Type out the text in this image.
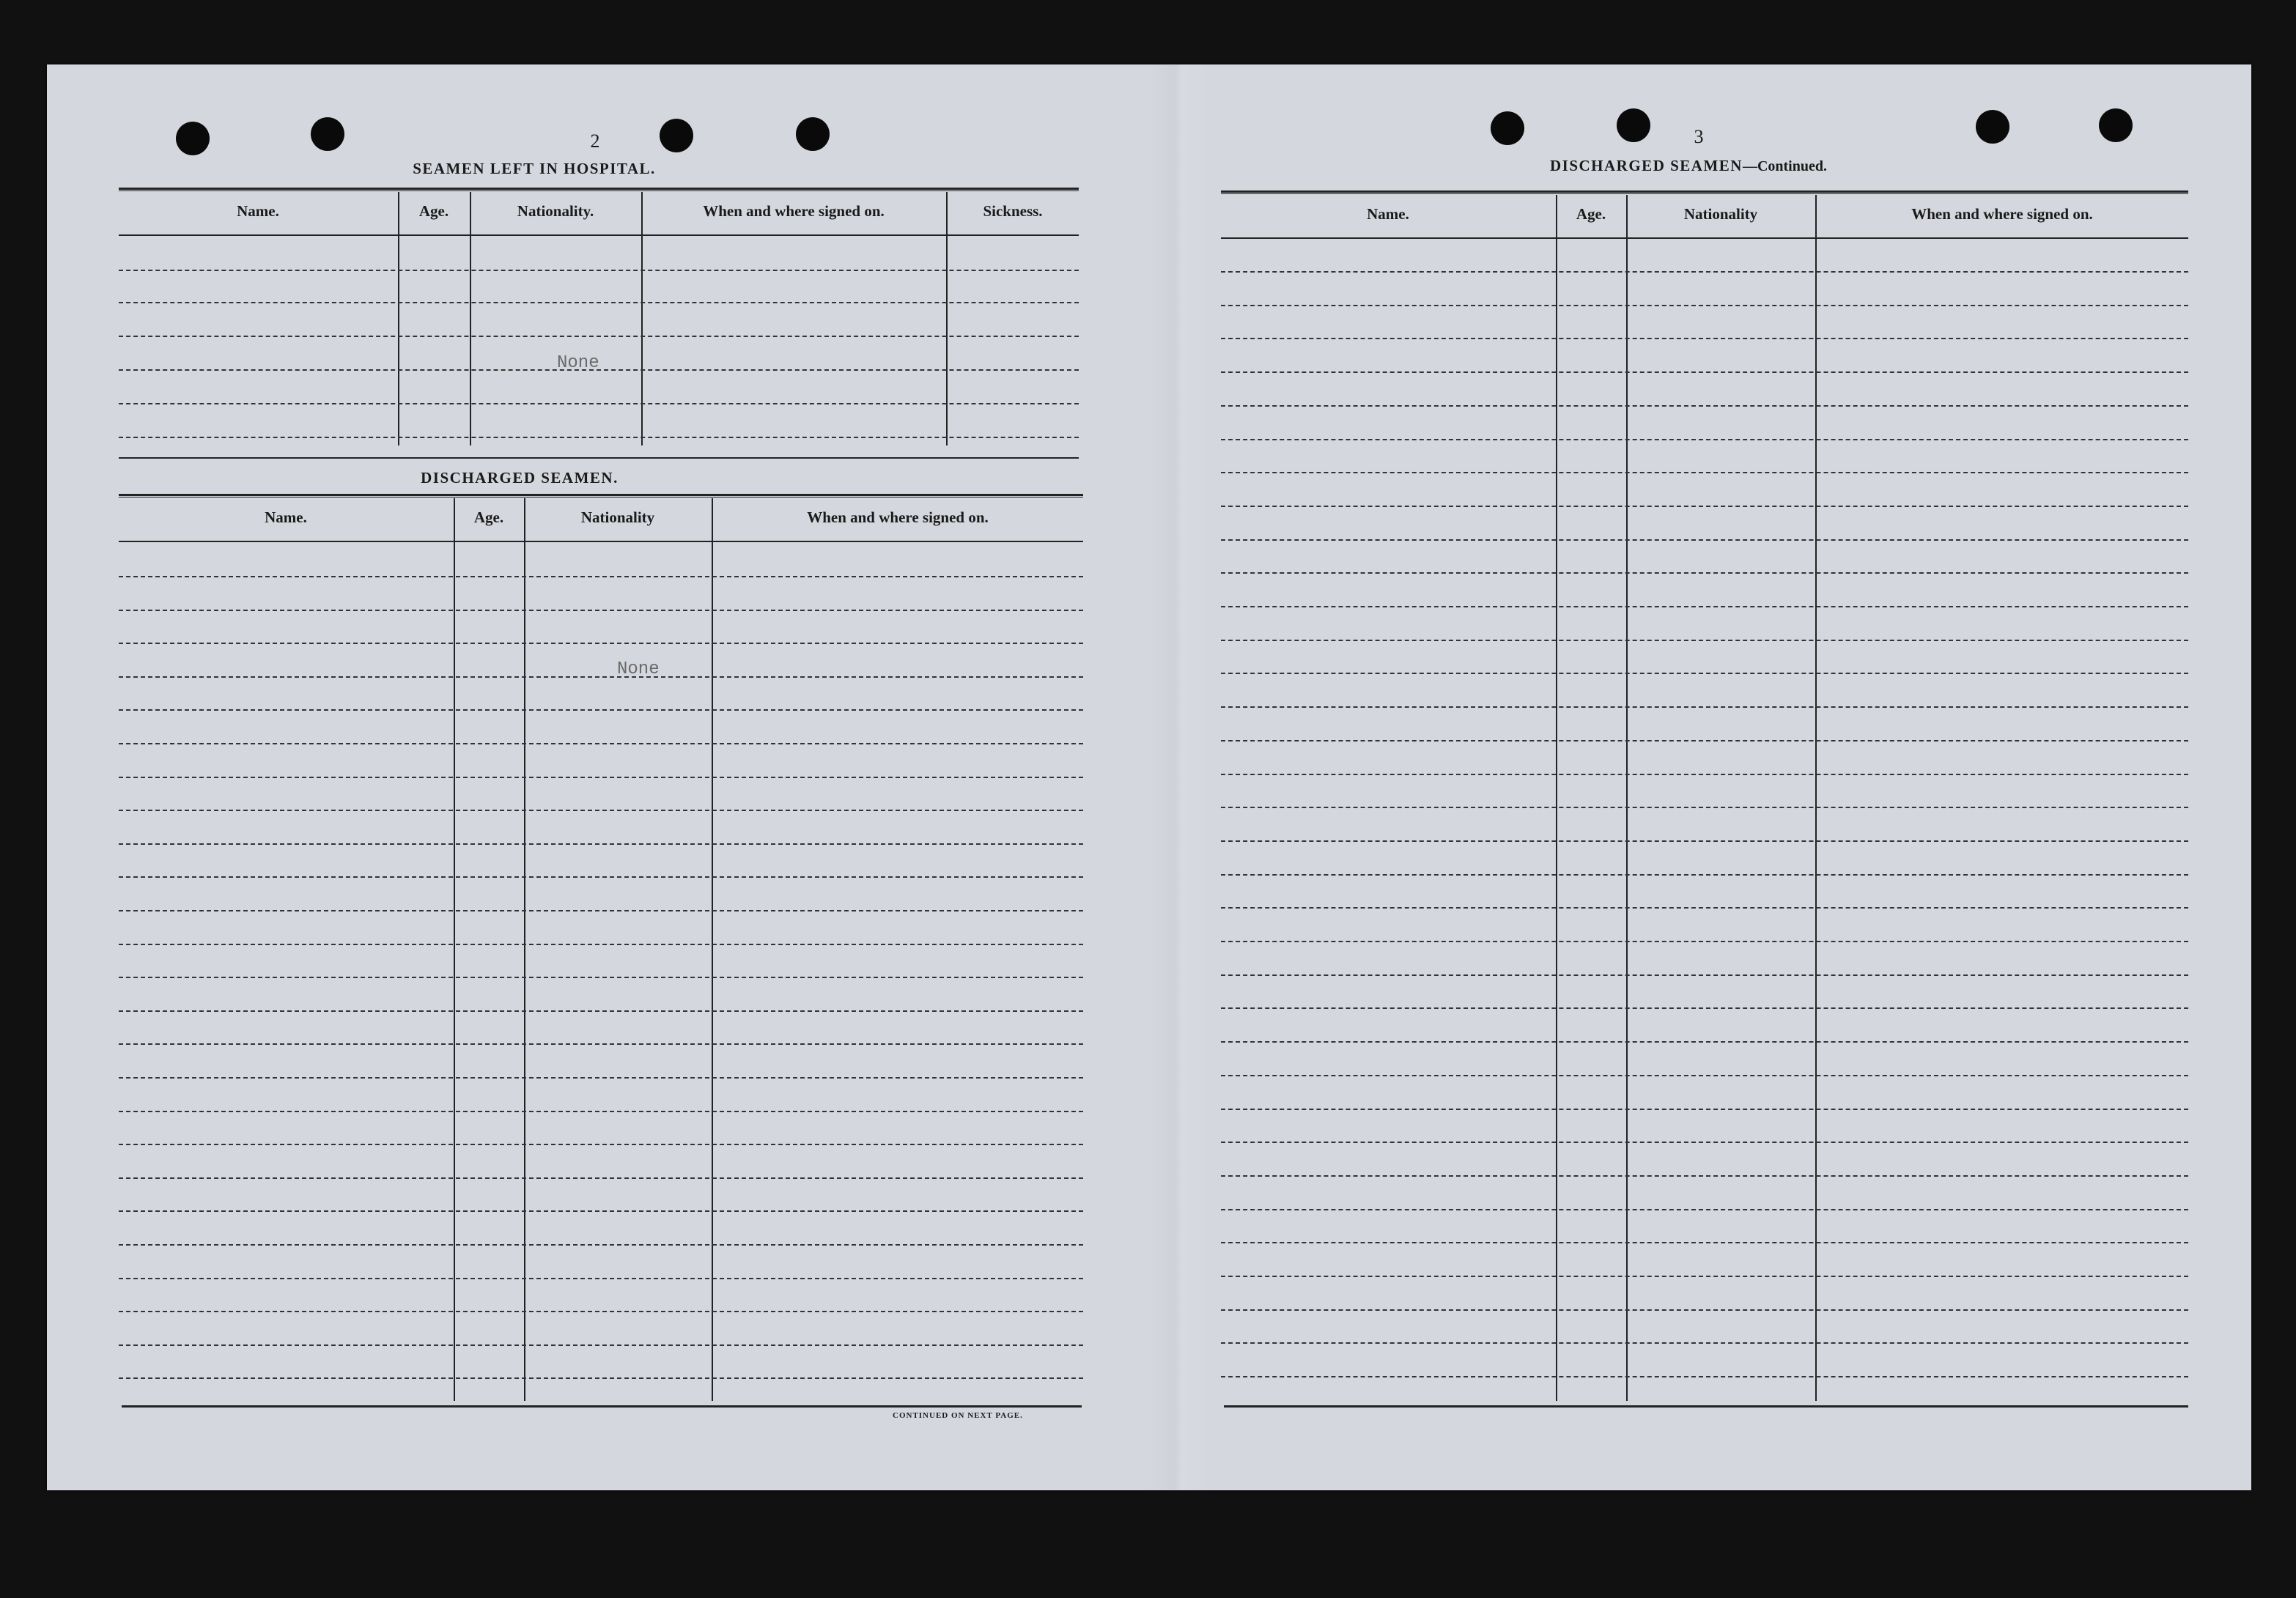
2
SEAMEN LEFT IN HOSPITAL.
Name.	Age.	Nationality.	When and where signed on.	Sickness.
None
DISCHARGED SEAMEN.
Name.	Age.	Nationality	When and where signed on.
None
CONTINUED ON NEXT PAGE.
3
DISCHARGED SEAMEN—Continued.
Name.	Age.	Nationality	When and where signed on.
